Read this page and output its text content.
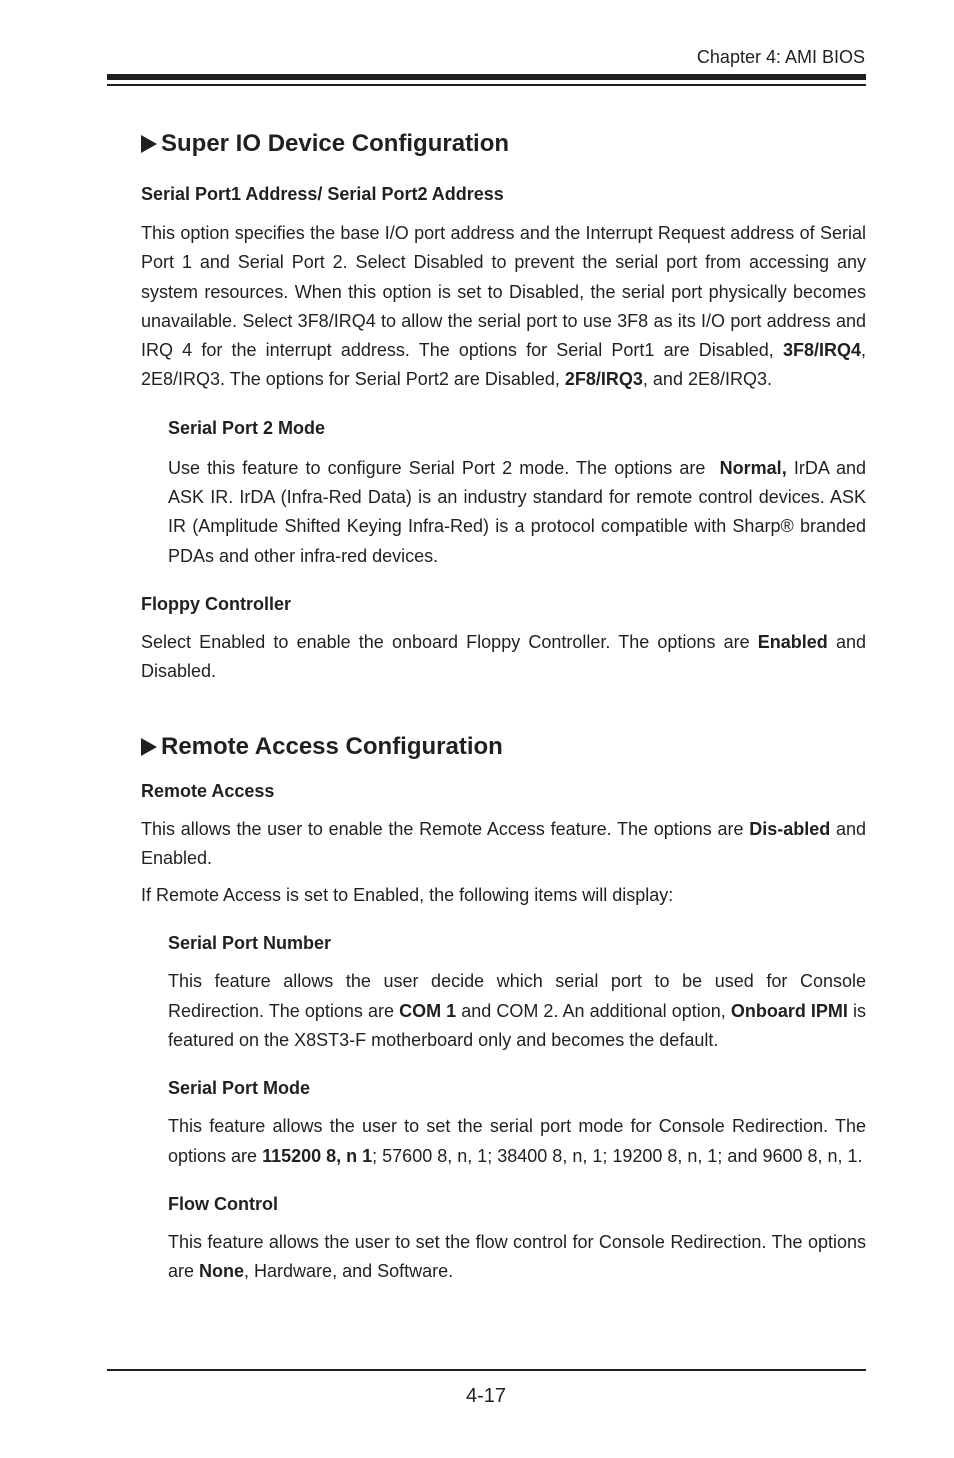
Chapter 4: AMI BIOS
Super IO Device Configuration
Serial Port1 Address/ Serial Port2 Address

This option specifies the base I/O port address and the Interrupt Request address of Serial Port 1 and Serial Port 2. Select Disabled to prevent the serial port from accessing any system resources. When this option is set to Disabled, the serial port physically becomes unavailable. Select 3F8/IRQ4 to allow the serial port to use 3F8 as its I/O port address and IRQ 4 for the interrupt address. The options for Serial Port1 are Disabled, 3F8/IRQ4, 2E8/IRQ3. The options for Serial Port2 are Disabled, 2F8/IRQ3, and 2E8/IRQ3.

Serial Port 2 Mode

Use this feature to configure Serial Port 2 mode. The options are  Normal, IrDA and ASK IR. IrDA (Infra-Red Data) is an industry standard for remote control devices. ASK IR (Amplitude Shifted Keying Infra-Red) is a protocol compatible with Sharp® branded PDAs and other infra-red devices.

Floppy Controller

Select Enabled to enable the onboard Floppy Controller. The options are Enabled and Disabled.

Remote Access Configuration
Remote Access

This allows the user to enable the Remote Access feature. The options are Dis-abled and Enabled.

If Remote Access is set to Enabled, the following items will display:

Serial Port Number

This feature allows the user decide which serial port to be used for Console Redirection. The options are COM 1 and COM 2. An additional option, Onboard IPMI is featured on the X8ST3-F motherboard only and becomes the default.

Serial Port Mode

This feature allows the user to set the serial port mode for Console Redirection. The options are 115200 8, n 1; 57600 8, n, 1; 38400 8, n, 1; 19200 8, n, 1; and 9600 8, n, 1.

Flow Control

This feature allows the user to set the flow control for Console Redirection. The options are None, Hardware, and Software.

4-17
